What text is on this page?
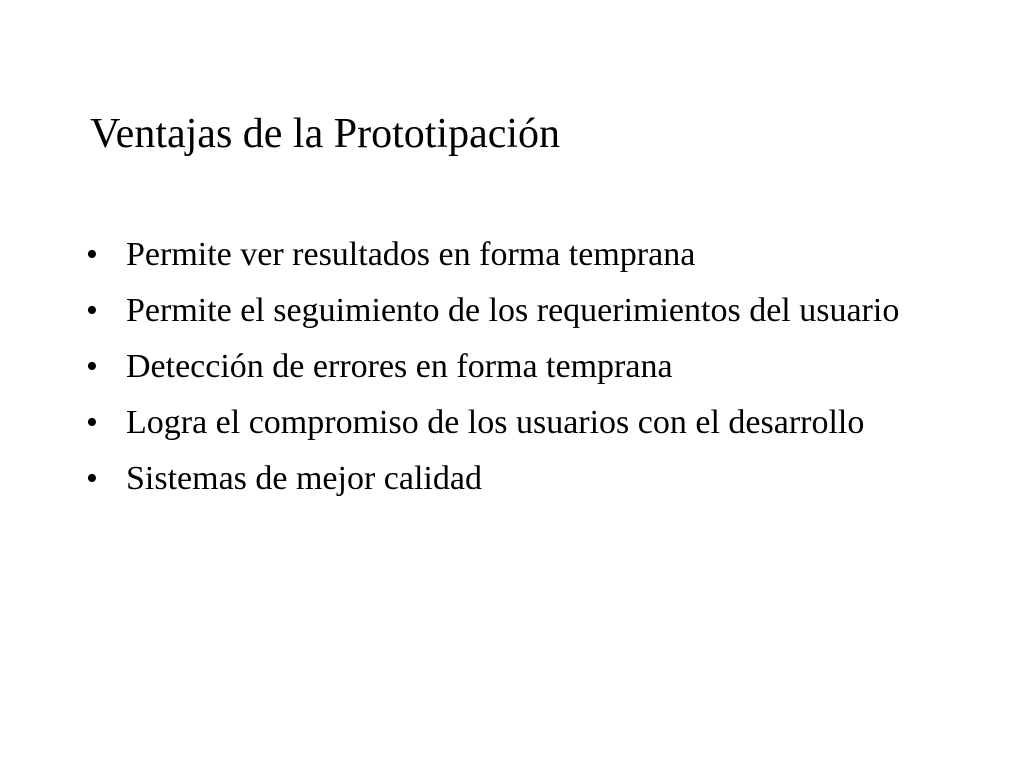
Ventajas de la Prototipación
• Permite ver resultados en forma temprana
• Permite el seguimiento de los requerimientos del usuario
• Detección de errores en forma temprana
• Logra el compromiso de los usuarios con el desarrollo
• Sistemas de mejor calidad
